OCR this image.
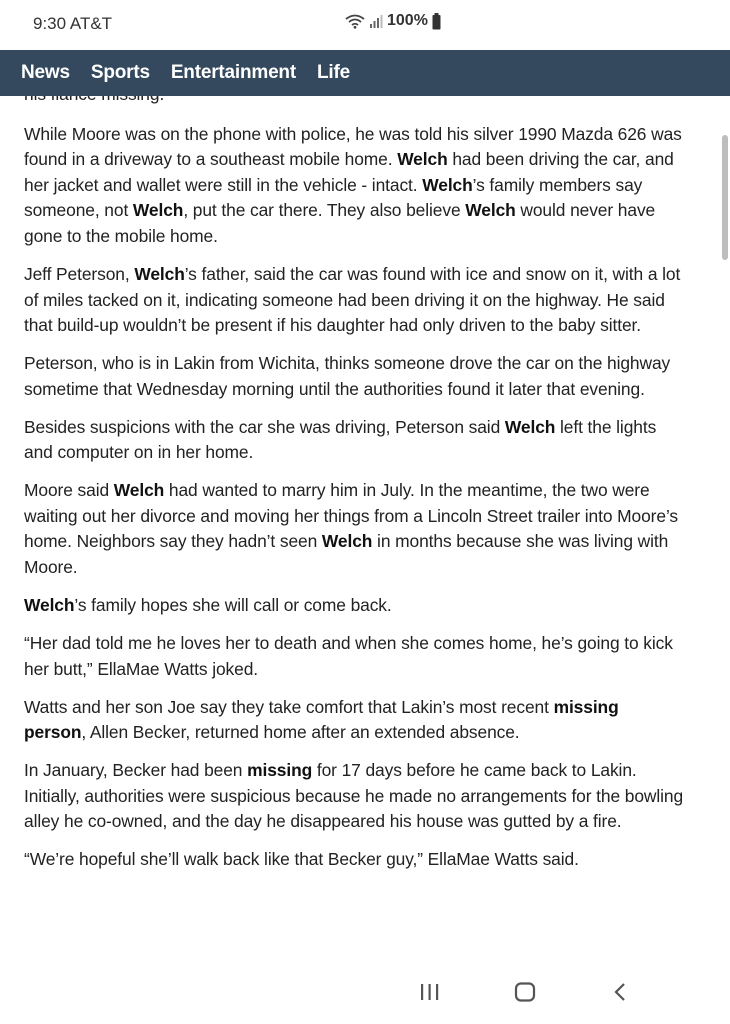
9:30 AT&T	100%
News Sports Entertainment Life

While Moore was on the phone with police, he was told his silver 1990 Mazda 626 was found in a driveway to a southeast mobile home. Welch had been driving the car, and her jacket and wallet were still in the vehicle - intact. Welch’s family members say someone, not Welch, put the car there. They also believe Welch would never have gone to the mobile home.

Jeff Peterson, Welch’s father, said the car was found with ice and snow on it, with a lot of miles tacked on it, indicating someone had been driving it on the highway. He said that build-up wouldn’t be present if his daughter had only driven to the baby sitter.

Peterson, who is in Lakin from Wichita, thinks someone drove the car on the highway sometime that Wednesday morning until the authorities found it later that evening.

Besides suspicions with the car she was driving, Peterson said Welch left the lights and computer on in her home.

Moore said Welch had wanted to marry him in July. In the meantime, the two were waiting out her divorce and moving her things from a Lincoln Street trailer into Moore’s home. Neighbors say they hadn’t seen Welch in months because she was living with Moore.

Welch’s family hopes she will call or come back.

“Her dad told me he loves her to death and when she comes home, he’s going to kick her butt,” EllaMae Watts joked.

Watts and her son Joe say they take comfort that Lakin’s most recent missing person, Allen Becker, returned home after an extended absence.

In January, Becker had been missing for 17 days before he came back to Lakin. Initially, authorities were suspicious because he made no arrangements for the bowling alley he co-owned, and the day he disappeared his house was gutted by a fire.

“We’re hopeful she’ll walk back like that Becker guy,” EllaMae Watts said.
